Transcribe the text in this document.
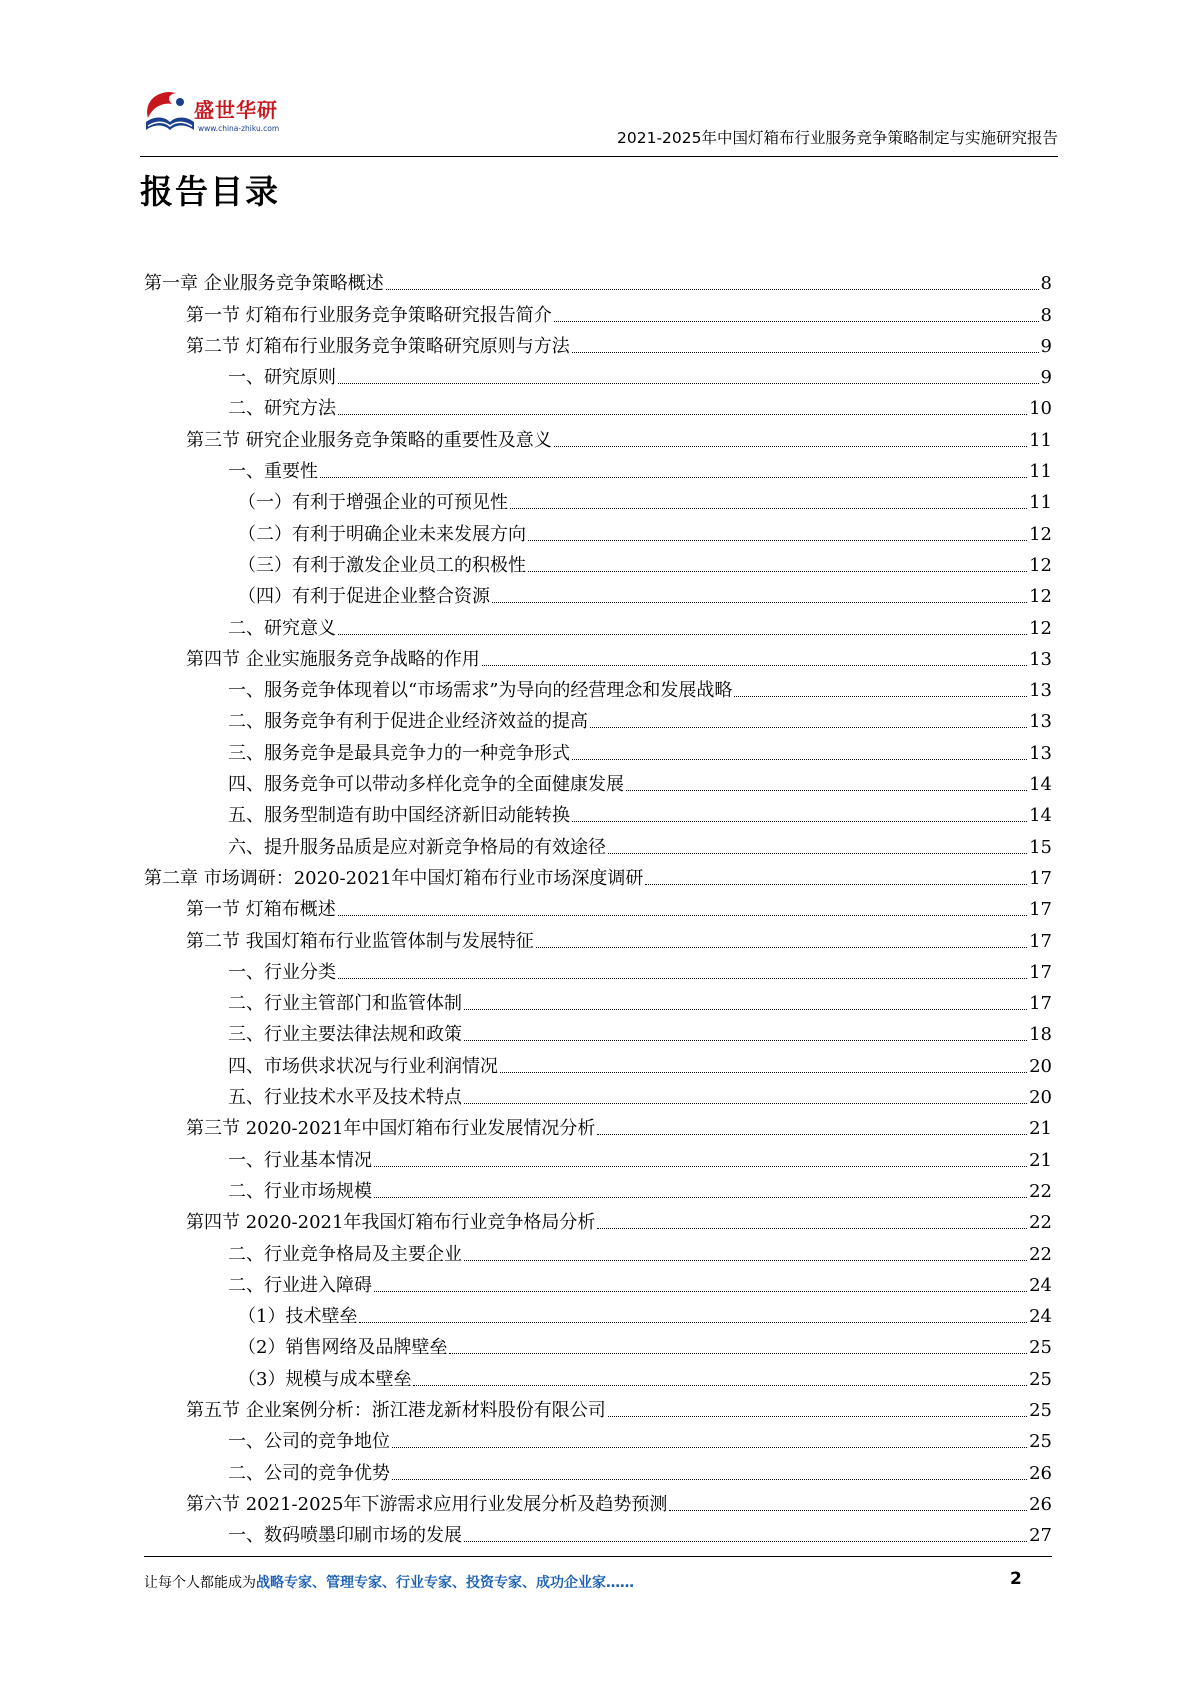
盛世华研
www.china-zhiku.com
2021-2025年中国灯箱布行业服务竞争策略制定与实施研究报告
报告目录
第一章 企业服务竞争策略概述	8
第一节 灯箱布行业服务竞争策略研究报告简介	8
第二节 灯箱布行业服务竞争策略研究原则与方法	9
一、研究原则	9
二、研究方法	10
第三节 研究企业服务竞争策略的重要性及意义	11
一、重要性	11
（一）有利于增强企业的可预见性	11
（二）有利于明确企业未来发展方向	12
（三）有利于激发企业员工的积极性	12
（四）有利于促进企业整合资源	12
二、研究意义	12
第四节 企业实施服务竞争战略的作用	13
一、服务竞争体现着以“市场需求”为导向的经营理念和发展战略	13
二、服务竞争有利于促进企业经济效益的提高	13
三、服务竞争是最具竞争力的一种竞争形式	13
四、服务竞争可以带动多样化竞争的全面健康发展	14
五、服务型制造有助中国经济新旧动能转换	14
六、提升服务品质是应对新竞争格局的有效途径	15
第二章 市场调研：2020-2021年中国灯箱布行业市场深度调研	17
第一节 灯箱布概述	17
第二节 我国灯箱布行业监管体制与发展特征	17
一、行业分类	17
二、行业主管部门和监管体制	17
三、行业主要法律法规和政策	18
四、市场供求状况与行业利润情况	20
五、行业技术水平及技术特点	20
第三节 2020-2021年中国灯箱布行业发展情况分析	21
一、行业基本情况	21
二、行业市场规模	22
第四节 2020-2021年我国灯箱布行业竞争格局分析	22
二、行业竞争格局及主要企业	22
二、行业进入障碍	24
（1）技术壁垒	24
（2）销售网络及品牌壁垒	25
（3）规模与成本壁垒	25
第五节 企业案例分析：浙江港龙新材料股份有限公司	25
一、公司的竞争地位	25
二、公司的竞争优势	26
第六节 2021-2025年下游需求应用行业发展分析及趋势预测	26
一、数码喷墨印刷市场的发展	27
让每个人都能成为战略专家、管理专家、行业专家、投资专家、成功企业家……	2
